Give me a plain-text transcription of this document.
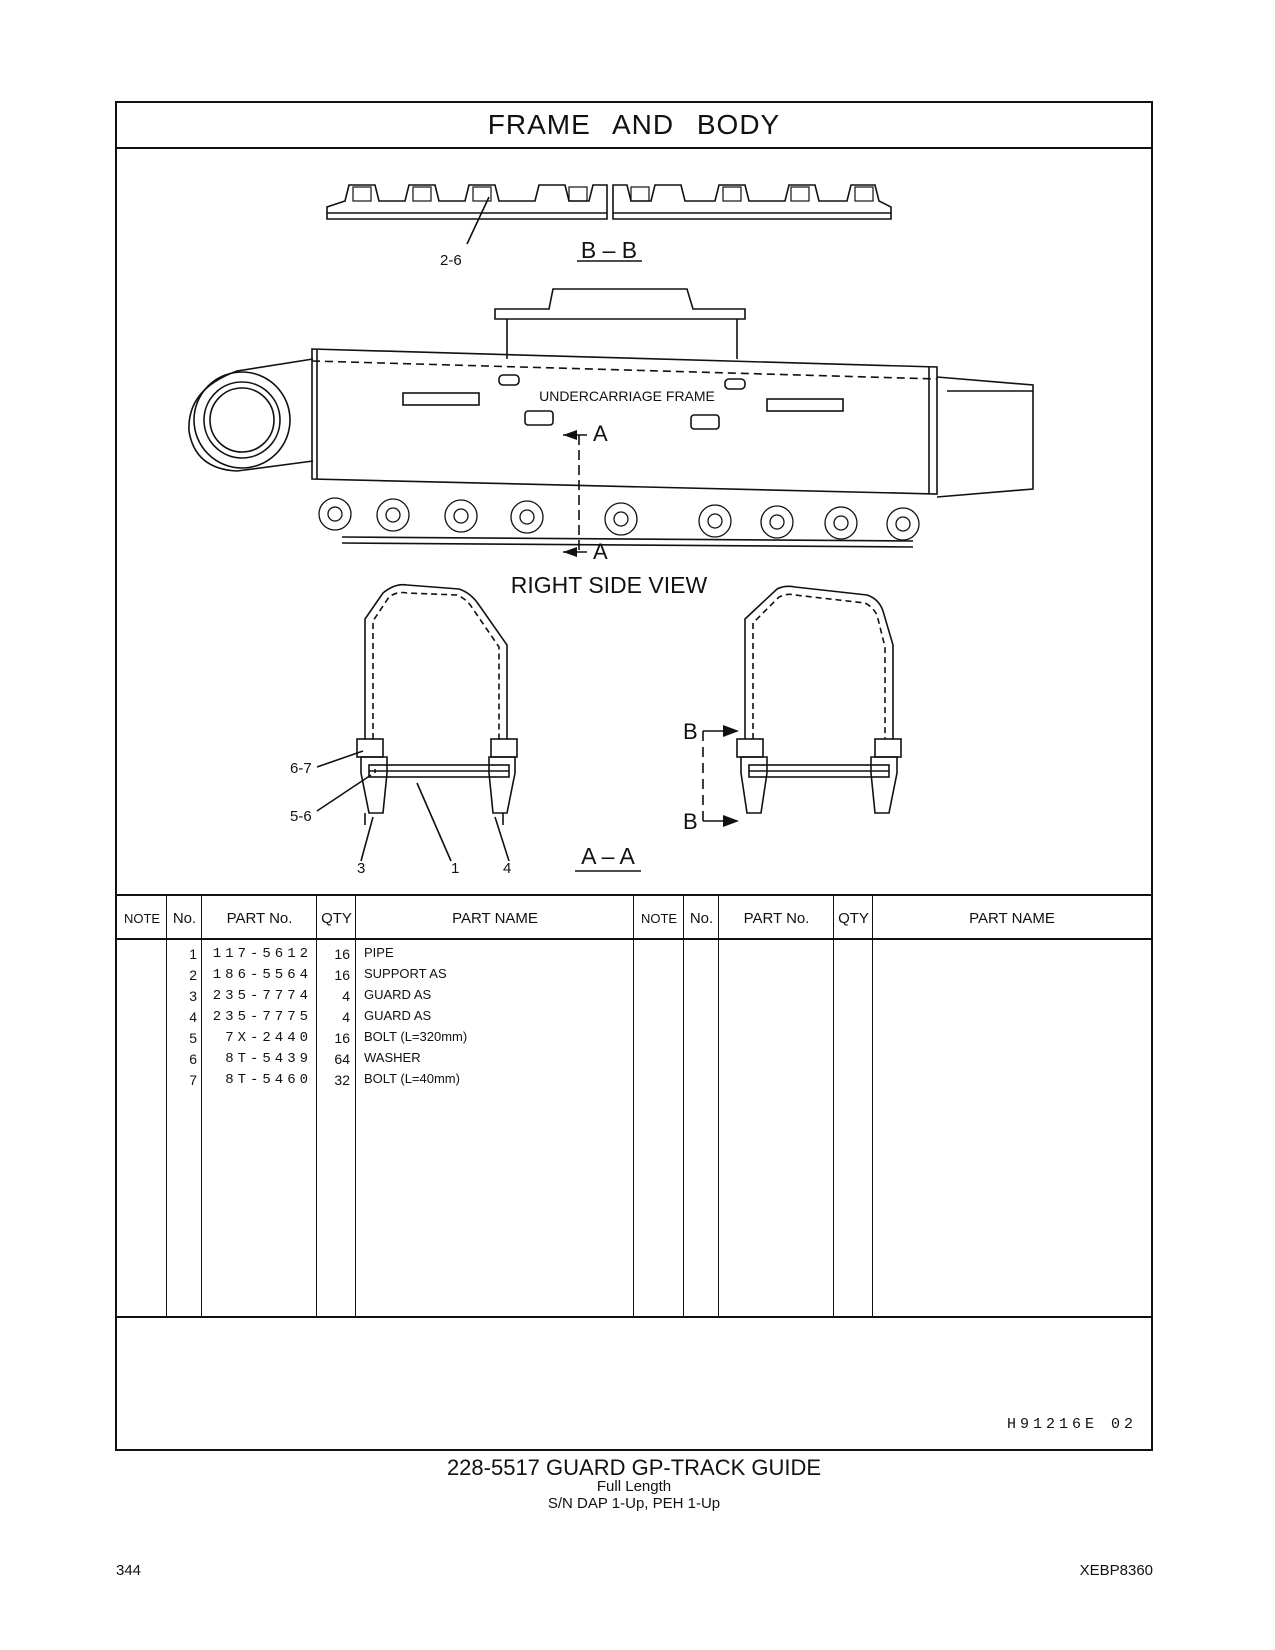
FRAME AND BODY
2-6	B – B
UNDERCARRIAGE FRAME
A
A
RIGHT SIDE VIEW
6-7
5-6
3	1	4	A – A
B
B
NOTE No.	PART No.	QTY	PART NAME	NOTE No.	PART No.	QTY	PART NAME
1	117-5612	16 PIPE
2	186-5564	16 SUPPORT AS
3	235-7774	4 GUARD AS
4	235-7775	4 GUARD AS
5	7X-2440	16 BOLT (L=320mm)
6	8T-5439	64 WASHER
7	8T-5460	32 BOLT (L=40mm)
H91216E 02
228-5517 GUARD GP-TRACK GUIDE
Full Length
S/N DAP 1-Up, PEH 1-Up
344	XEBP8360
